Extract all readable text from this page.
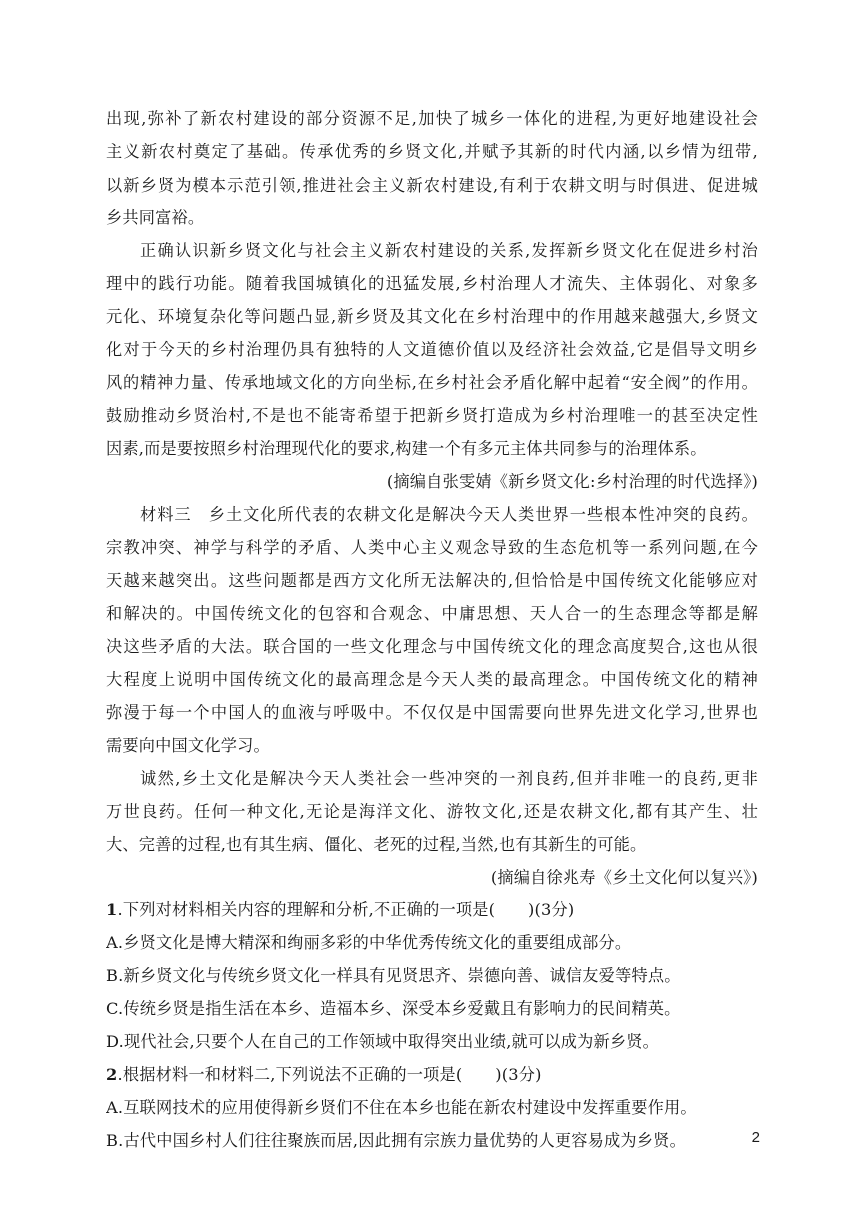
出现,弥补了新农村建设的部分资源不足,加快了城乡一体化的进程,为更好地建设社会
主义新农村奠定了基础。传承优秀的乡贤文化,并赋予其新的时代内涵,以乡情为纽带,
以新乡贤为模本示范引领,推进社会主义新农村建设,有利于农耕文明与时俱进、促进城
乡共同富裕。
正确认识新乡贤文化与社会主义新农村建设的关系,发挥新乡贤文化在促进乡村治
理中的践行功能。随着我国城镇化的迅猛发展,乡村治理人才流失、主体弱化、对象多
元化、环境复杂化等问题凸显,新乡贤及其文化在乡村治理中的作用越来越强大,乡贤文
化对于今天的乡村治理仍具有独特的人文道德价值以及经济社会效益,它是倡导文明乡
风的精神力量、传承地域文化的方向坐标,在乡村社会矛盾化解中起着“安全阀”的作用。
鼓励推动乡贤治村,不是也不能寄希望于把新乡贤打造成为乡村治理唯一的甚至决定性
因素,而是要按照乡村治理现代化的要求,构建一个有多元主体共同参与的治理体系。
(摘编自张雯婧《新乡贤文化:乡村治理的时代选择》)
材料三　乡土文化所代表的农耕文化是解决今天人类世界一些根本性冲突的良药。
宗教冲突、神学与科学的矛盾、人类中心主义观念导致的生态危机等一系列问题,在今
天越来越突出。这些问题都是西方文化所无法解决的,但恰恰是中国传统文化能够应对
和解决的。中国传统文化的包容和合观念、中庸思想、天人合一的生态理念等都是解
决这些矛盾的大法。联合国的一些文化理念与中国传统文化的理念高度契合,这也从很
大程度上说明中国传统文化的最高理念是今天人类的最高理念。中国传统文化的精神
弥漫于每一个中国人的血液与呼吸中。不仅仅是中国需要向世界先进文化学习,世界也
需要向中国文化学习。
诚然,乡土文化是解决今天人类社会一些冲突的一剂良药,但并非唯一的良药,更非
万世良药。任何一种文化,无论是海洋文化、游牧文化,还是农耕文化,都有其产生、壮
大、完善的过程,也有其生病、僵化、老死的过程,当然,也有其新生的可能。
(摘编自徐兆寿《乡土文化何以复兴》)
1.下列对材料相关内容的理解和分析,不正确的一项是(　　)(3分)
A.乡贤文化是博大精深和绚丽多彩的中华优秀传统文化的重要组成部分。
B.新乡贤文化与传统乡贤文化一样具有见贤思齐、崇德向善、诚信友爱等特点。
C.传统乡贤是指生活在本乡、造福本乡、深受本乡爱戴且有影响力的民间精英。
D.现代社会,只要个人在自己的工作领域中取得突出业绩,就可以成为新乡贤。
2.根据材料一和材料二,下列说法不正确的一项是(　　)(3分)
A.互联网技术的应用使得新乡贤们不住在本乡也能在新农村建设中发挥重要作用。
B.古代中国乡村人们往往聚族而居,因此拥有宗族力量优势的人更容易成为乡贤。	2
